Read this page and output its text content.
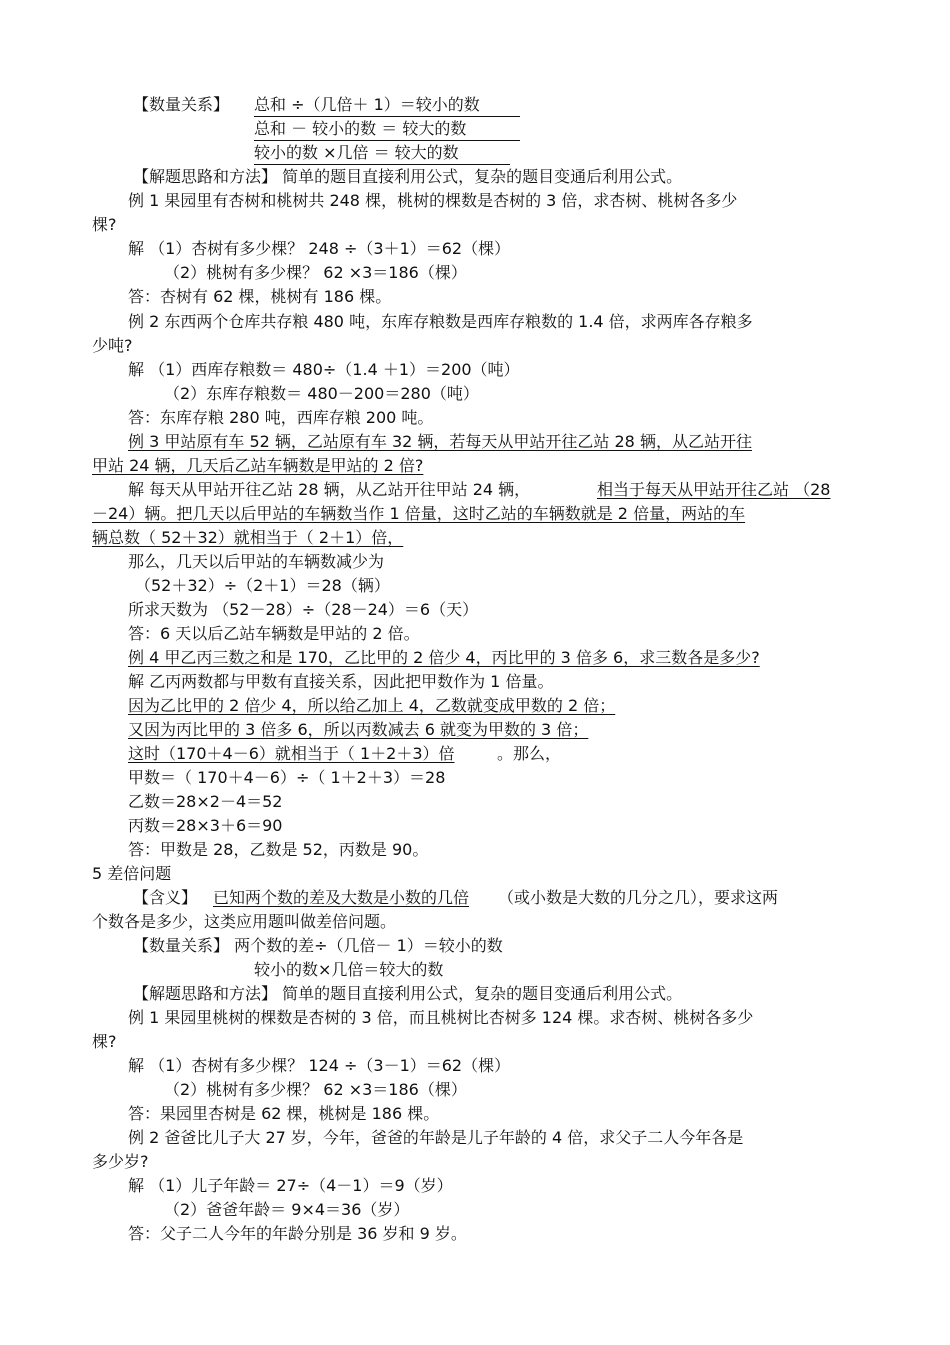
【数量关系】 总和 ÷（几倍＋ 1）＝较小的数
总和 － 较小的数 ＝ 较大的数
较小的数 ×几倍 ＝ 较大的数
【解题思路和方法】 简单的题目直接利用公式，复杂的题目变通后利用公式。
例 1 果园里有杏树和桃树共 248 棵，桃树的棵数是杏树的 3 倍，求杏树、桃树各多少
棵?
解 （1）杏树有多少棵？ 248 ÷（3＋1）＝62（棵）
（2）桃树有多少棵？ 62 ×3＝186（棵）
答：杏树有 62 棵，桃树有 186 棵。
例 2 东西两个仓库共存粮 480 吨，东库存粮数是西库存粮数的 1.4 倍，求两库各存粮多
少吨?
解 （1）西库存粮数＝ 480÷（1.4 ＋1）＝200（吨）
（2）东库存粮数＝ 480－200＝280（吨）
答：东库存粮 280 吨，西库存粮 200 吨。
例 3 甲站原有车 52 辆，乙站原有车 32 辆，若每天从甲站开往乙站 28 辆，从乙站开往
甲站 24 辆，几天后乙站车辆数是甲站的 2 倍?
解 每天从甲站开往乙站 28 辆，从乙站开往甲站 24 辆，	相当于每天从甲站开往乙站 （28
－24）辆。把几天以后甲站的车辆数当作 1 倍量，这时乙站的车辆数就是 2 倍量，两站的车
辆总数（ 52＋32）就相当于（ 2＋1）倍，
那么，几天以后甲站的车辆数减少为
（52＋32）÷（2＋1）＝28（辆）
所求天数为 （52－28）÷（28－24）＝6（天）
答：6 天以后乙站车辆数是甲站的 2 倍。
例 4 甲乙丙三数之和是 170，乙比甲的 2 倍少 4，丙比甲的 3 倍多 6，求三数各是多少?
解 乙丙两数都与甲数有直接关系，因此把甲数作为 1 倍量。
因为乙比甲的 2 倍少 4，所以给乙加上 4，乙数就变成甲数的 2 倍；
又因为丙比甲的 3 倍多 6，所以丙数减去 6 就变为甲数的 3 倍；
这时（170＋4－6）就相当于（ 1＋2＋3）倍	。那么，
甲数＝（ 170＋4－6）÷（ 1＋2＋3）＝28
乙数＝28×2－4＝52
丙数＝28×3＋6＝90
答：甲数是 28，乙数是 52，丙数是 90。
5 差倍问题
【含义】 已知两个数的差及大数是小数的几倍 （或小数是大数的几分之几），要求这两
个数各是多少，这类应用题叫做差倍问题。
【数量关系】 两个数的差÷（几倍－ 1）＝较小的数
较小的数×几倍＝较大的数
【解题思路和方法】 简单的题目直接利用公式，复杂的题目变通后利用公式。
例 1 果园里桃树的棵数是杏树的 3 倍，而且桃树比杏树多 124 棵。求杏树、桃树各多少
棵?
解 （1）杏树有多少棵？ 124 ÷（3－1）＝62（棵）
（2）桃树有多少棵？ 62 ×3＝186（棵）
答：果园里杏树是 62 棵，桃树是 186 棵。
例 2 爸爸比儿子大 27 岁，今年，爸爸的年龄是儿子年龄的 4 倍，求父子二人今年各是
多少岁?
解 （1）儿子年龄＝ 27÷（4－1）＝9（岁）
（2）爸爸年龄＝ 9×4＝36（岁）
答：父子二人今年的年龄分别是 36 岁和 9 岁。
